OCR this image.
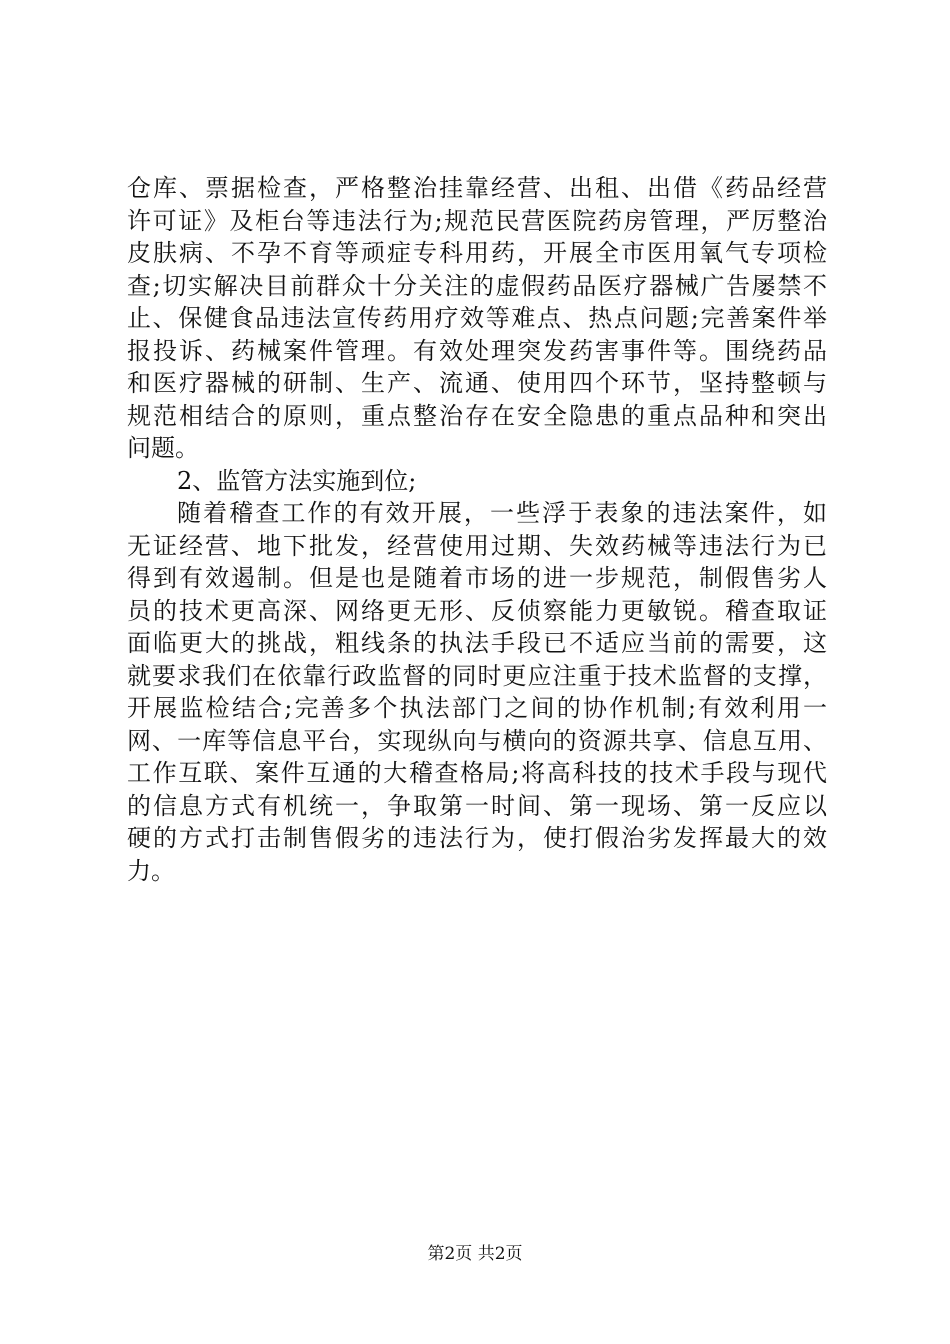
仓库、票据检查，严格整治挂靠经营、出租、出借《药品经营
许可证》及柜台等违法行为;规范民营医院药房管理，严厉整治
皮肤病、不孕不育等顽症专科用药，开展全市医用氧气专项检
查;切实解决目前群众十分关注的虚假药品医疗器械广告屡禁不
止、保健食品违法宣传药用疗效等难点、热点问题;完善案件举
报投诉、药械案件管理。有效处理突发药害事件等。围绕药品
和医疗器械的研制、生产、流通、使用四个环节，坚持整顿与
规范相结合的原则，重点整治存在安全隐患的重点品种和突出
问题。
2、监管方法实施到位;
随着稽查工作的有效开展，一些浮于表象的违法案件，如
无证经营、地下批发，经营使用过期、失效药械等违法行为已
得到有效遏制。但是也是随着市场的进一步规范，制假售劣人
员的技术更高深、网络更无形、反侦察能力更敏锐。稽查取证
面临更大的挑战，粗线条的执法手段已不适应当前的需要，这
就要求我们在依靠行政监督的同时更应注重于技术监督的支撑，
开展监检结合;完善多个执法部门之间的协作机制;有效利用一
网、一库等信息平台，实现纵向与横向的资源共享、信息互用、
工作互联、案件互通的大稽查格局;将高科技的技术手段与现代
的信息方式有机统一，争取第一时间、第一现场、第一反应以
硬的方式打击制售假劣的违法行为，使打假治劣发挥最大的效
力。
第2页 共2页
